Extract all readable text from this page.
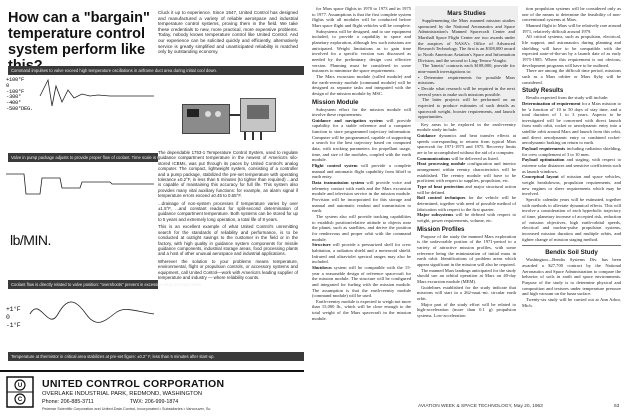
How can a "bargain" temperature control system perform like
Cluck it up to experience. Since 1947, United Control has designed and manufactured a variety of reliable aerospace and industrial temperature control systems, proving them in the field. We take these credentials to new, more practical, more expensive problems. Today, nobody knows temperature control like United Control. And our experience can be solicited quickly and efficiently, alternatively service is greatly simplified and unanticipated reliability is matched only by outstanding economy.
Command impulses to valve exceed high temperature oscillations in airframe duct area during initial cool down.
+100°F
0
-100°F
-300°
-400°
-500°DEG.
Valve in pump package adjusts to provide proper flow of coolant. Time scale is 60 seconds/division.
lb/MIN.
Coolant flow is directly related to valve position: "overshoots" prevent in excessive large thermal inertia.
+1°F
0
-1°F
Temperature at thermistor in critical area stabilizes at pre-set figure: ±0.2° F, less than 5 minutes after start-up.

The dependable 1753-1 Temperature Control System, used to regulate guidance compartment temperature in the newest of America's silo-stored ICBMs, was put through its paces by United Control's analog computer. The compact, lightweight system, consisting of a controller and a pump package, stabilized the pre-set temperature with operating tolerance ±0.2°F, in less than 5 minutes (to tighter than required) ...and is capable of maintaining this accuracy for full life. This system also provides many vital auxiliary functions: for example, an alarm signal if temperature errors exceed ±0.45 to 0.65°F.

...drainage of non-system processes if temperature varies by over ±1.5°F, ...and constant readout for split-second determination of guidance compartment temperature. Both systems can be stored for up to 5 years and extremely long operation, a total life of 8 years.

This is an excellent example of what United Control's unremitting search for the standards of reliability and performance, is to be conducted at outright savings to the customer in the field or in the factory, with high quality in guidance system components for missile guidance components, industrial storage areas, food processing plants and a host of other unusual aerospace and industrial applications.

Wherever the solution to your problems means temperature, environmental, flight or propulsion controls, or accessory systems and equipment, call United Control—work with America's leading supplier of temperature and industry — where reliability counts.

U
C
UNITED CONTROL CORPORATION
OVERLAKE INDUSTRIAL PARK, REDMOND, WASHINGTON
Phone: 206-885-3711	TWX: 206-999-1874
Pelamar Scientific Corporation and United Data Control, Incorporated • Subsidiaries • Vancouver, Sc.

for Mars space flights in 1970 to 1973 and in 1975 to 1977. Assumptions is that the first complete system flights with all modules will be conducted before Mars space flight and flight vehicles will be complete.

Subsystems will be designed, and to use equipment included, to provide a capability to space and planetary exploration, although few such missions are anticipated. Weight limitations as to gain time involved for a specific version was discussed as needed by the preliminary design cost effective version. Planning must be considered in some instances to minimize the space requirements.

The Mars excursion module (called module) and the earth-reentry module (command module) will be designed as separate tasks and integrated with the design of the mission module by MSC.

Mission Module

Subsystem effort for the mission module will involve these requirements:

Guidance and navigation system will provide capability for a stable reference and a computer function to store programmed trajectory information. Computer will be programmed, capable of supporting a search for the best trajectory based on computed data, with tracking parameters for propellant usage, time, and size of the modules, coupled with the earth module.

Flight control system will provide a complete manual and automatic flight capability from liftoff to earth entry.

Data transmission system will provide voice and telemetry contact with earth and the Mars excursion module and television service in the mission module. Provision will be incorporated for this storage and manual and automatic readout and transmission to earth.

The system also will provide tracking capabilities to establish position/relative attitude to objects near the planet, such as satellites, and derive the position for rendezvous and proper orbit with the command module.

Structure will provide a pressurized shell for crew habitation, a radiation shield and a meteoroid shield. Infrared and ultraviolet spectral ranges may also be included.

Shutdown system will be compatible with the 15-year a reasonable design of reference spacecraft for the mission module. The structure will be configured and integrated for fueling with the mission module. The assumption is that the earth-reentry module (command module) will be used.

Earth-reentry module is expected to weigh not more than 15,000 lb., which will be close enough to the total weight of the Mars spacecraft in the mission module.

Mars Studies

Supplementing the Mars manned mission studies sponsored by the National Aeronautics and Space Administration's Manned Spacecraft Center and Marshall Space Flight Center are two awards under the auspices of NASA's Office of Advanced Research Technology. The first is an $108,000 award to North American Aviation's Space and Information Division, and the second to Ling-Temco-Vought.

The 'kinetic' contracts each $108,000, provide for nine-month investigations to:

• Determine requirements for possible Mars missions.

• Decide what research will be required in the next several years to make such missions possible.

The latter projects will be performed on an expected to produce estimates of such details as spacecraft weight, booster requirements, and launch opportunities.

Key areas to be explored in the earth-reentry module study include:

Guidance dynamics and heat transfer effects at speeds corresponding to returns from typical Mars spacecraft for 1971-1975 and 1975. Recovery limits are to be accomplished without the aid of a computer.

Communications will be delivered as listed.

Heat processing module configuration and interior arrangement within reentry characteristics will be established. The reentry module will have to be proficient with respect to supplies, propulsion, etc.

Type of heat protection and major structural action will be defined.

Boil control techniques for the vehicle will be determined, together with need of possible method of fabrication with respect to the first quarter.

Major subsystems will be defined with respect to weight, power requirements, volume, etc.

Mission Profiles

Purpose of the study the manned Mars exploration is the unfavorable portion of the 1971-period to a variety of attractive mission profiles, with some reference being the minimization of initial mass in earth orbit. Identifications of problem areas which appear significant in the mission will also be required.

The manned Mars landings anticipated for the study should use an orbital operation at Mars on 40-day Mars excursion module (MEM).

Guidelines established for the study indicate that missions will start in a 262-naut.-mi. circular earth orbit.

Major part of the study effort will be related to high-acceleration (more than 0.1 g) propulsion systems. Low-acceleration

tion propulsion systems will be considered only as one of the means to determine the feasibility of non-conventional systems at Mars.

Manned flight to Mars will be relatively rare around 1971, relatively difficult around 1979.

All critical systems, such as propulsion, electrical, life support, and astronautics during planning and shielding will have to be compatible with the expected state-of-the-art by a launch date of as early 1975-1985. Where this requirement is not obvious, development programs will have to be outlined.

There are among the difficult time period, missions such as a Mars orbiter or Mars flyby will be considered.

Study Results

Results expected from the study will include:

Determination of requirement for a Mars mission to be 'a function of' 10 to 50 days of stay time, and a total duration of 1 to 3 years. Aspects to be investigated will be concerned with direct launch from earth orbit, rocket or aerodynamic entry into a satellite orbit around Mars and launch from this orbit, and direct aerodynamic entry or combined rocket-aerodynamic braking on return to earth.

Payload requirements including radiation shielding, for crew complement of 3 to 10 men.

Payload optimization and staging, with respect to extreme solar distances and sensitive coefficients such as launch windows.

Conceptual layout of mission and space vehicles, weight breakdowns, propulsion requirements, and new engines or sheer requirements which may be involved.

Specific calendar years will be estimated, together with methods to alleviate dynamical effects. This will involve a consideration of each hyperbolic trajectory of time, planetary increase of accepted risk, reduction of mission objectives, high earth-orbital speeds, electrical and nuclear-pulse propulsion systems, increased mission duration and multiple orbits, and tighter change of mission staging method.

Bendix Soil Study

Washington—Bendix Systems Div. has been awarded a $27,700 contract by the National Aeronautics and Space Administration to compare the behavior of soils in earth and space environments. Purpose of the study is to determine physical and composition and textures under temperature pressure and high vacuum on the lunar surface.

Twenty-six study will be carried out at Ann Arbor, Mich.

AVIATION WEEK & SPACE TECHNOLOGY, May 20, 1963	63
